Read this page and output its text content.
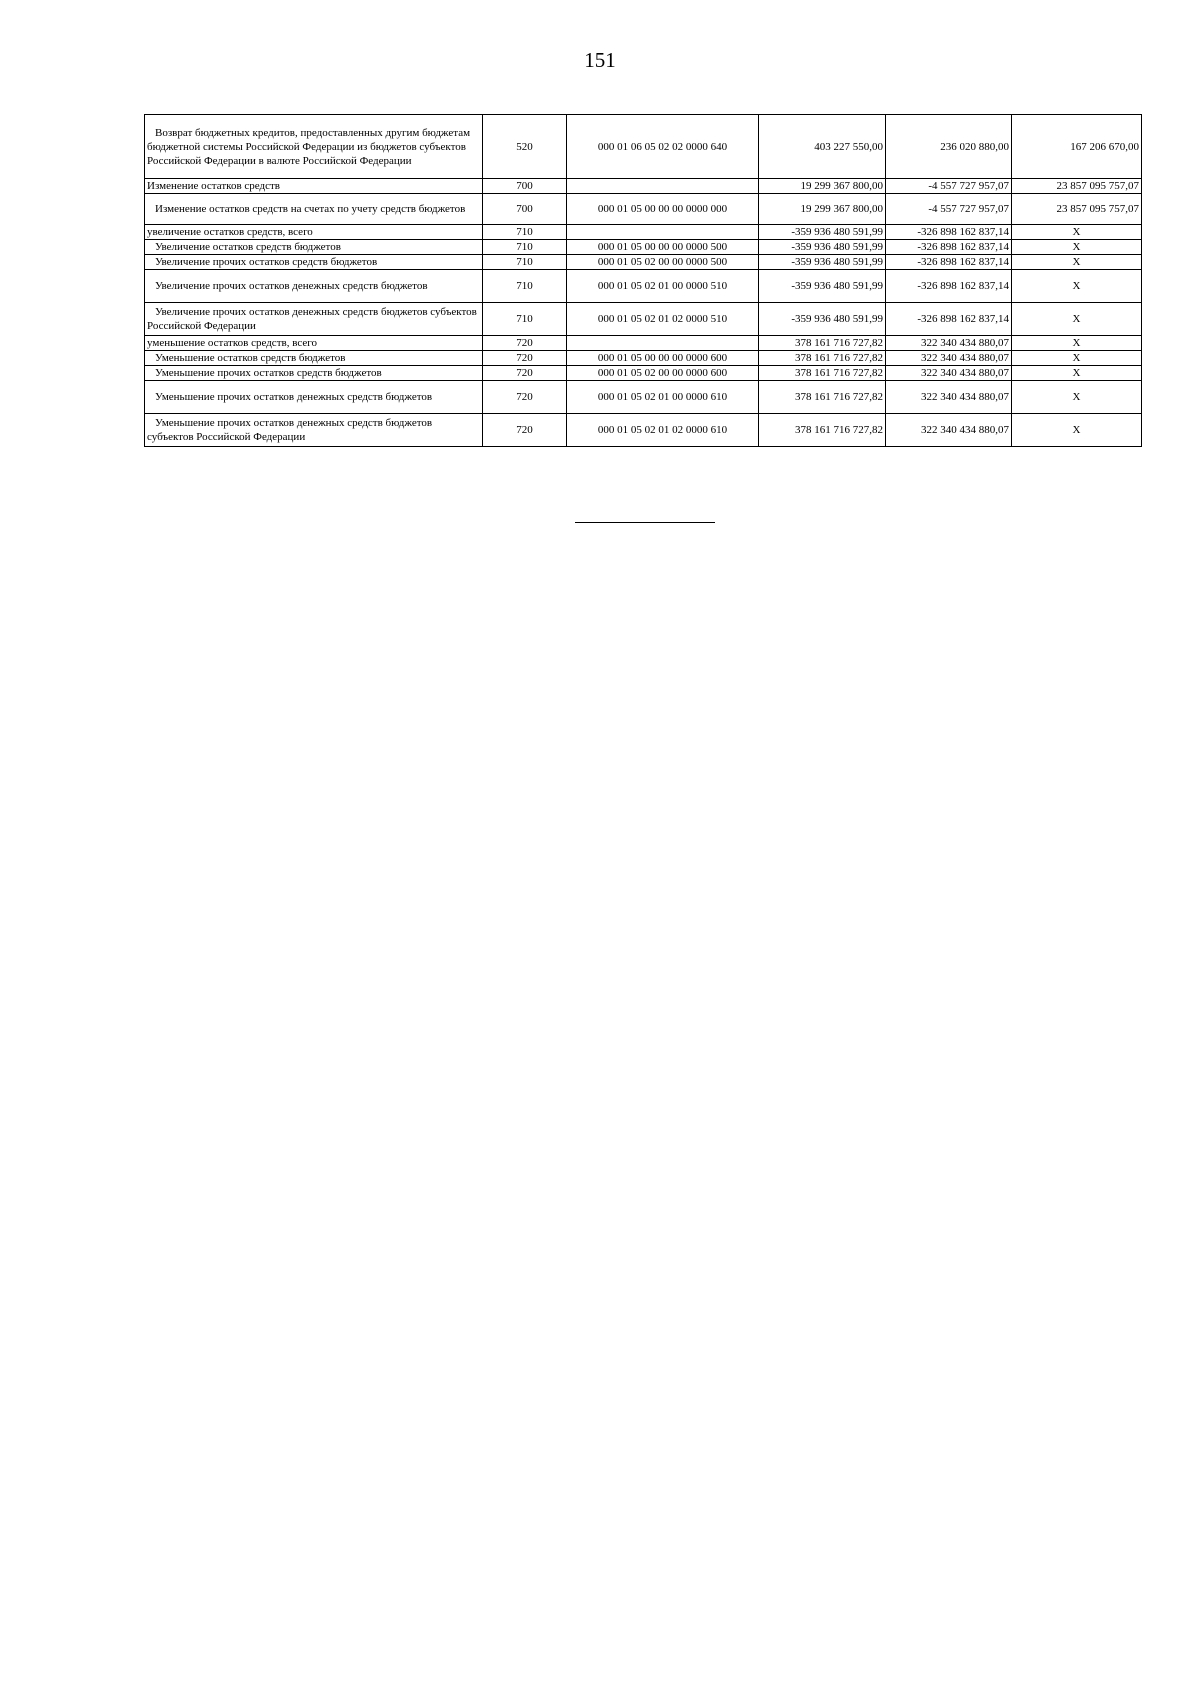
151
Возврат бюджетных кредитов, предоставленных другим бюджетам бюджетной системы Российской Федерации из бюджетов субъектов Российской Федерации в валюте Российской Федерации	520	000 01 06 05 02 02 0000 640	403 227 550,00	236 020 880,00	167 206 670,00
Изменение остатков средств	700		19 299 367 800,00	-4 557 727 957,07	23 857 095 757,07
Изменение остатков средств на счетах по учету средств бюджетов	700	000 01 05 00 00 00 0000 000	19 299 367 800,00	-4 557 727 957,07	23 857 095 757,07
увеличение остатков средств, всего	710		-359 936 480 591,99	-326 898 162 837,14	X
Увеличение остатков средств бюджетов	710	000 01 05 00 00 00 0000 500	-359 936 480 591,99	-326 898 162 837,14	X
Увеличение прочих остатков средств бюджетов	710	000 01 05 02 00 00 0000 500	-359 936 480 591,99	-326 898 162 837,14	X
Увеличение прочих остатков денежных средств бюджетов	710	000 01 05 02 01 00 0000 510	-359 936 480 591,99	-326 898 162 837,14	X
Увеличение прочих остатков денежных средств бюджетов субъектов Российской Федерации	710	000 01 05 02 01 02 0000 510	-359 936 480 591,99	-326 898 162 837,14	X
уменьшение остатков средств, всего	720		378 161 716 727,82	322 340 434 880,07	X
Уменьшение остатков средств бюджетов	720	000 01 05 00 00 00 0000 600	378 161 716 727,82	322 340 434 880,07	X
Уменьшение прочих остатков средств бюджетов	720	000 01 05 02 00 00 0000 600	378 161 716 727,82	322 340 434 880,07	X
Уменьшение прочих остатков денежных средств бюджетов	720	000 01 05 02 01 00 0000 610	378 161 716 727,82	322 340 434 880,07	X
Уменьшение прочих остатков денежных средств бюджетов субъектов Российской Федерации	720	000 01 05 02 01 02 0000 610	378 161 716 727,82	322 340 434 880,07	X
